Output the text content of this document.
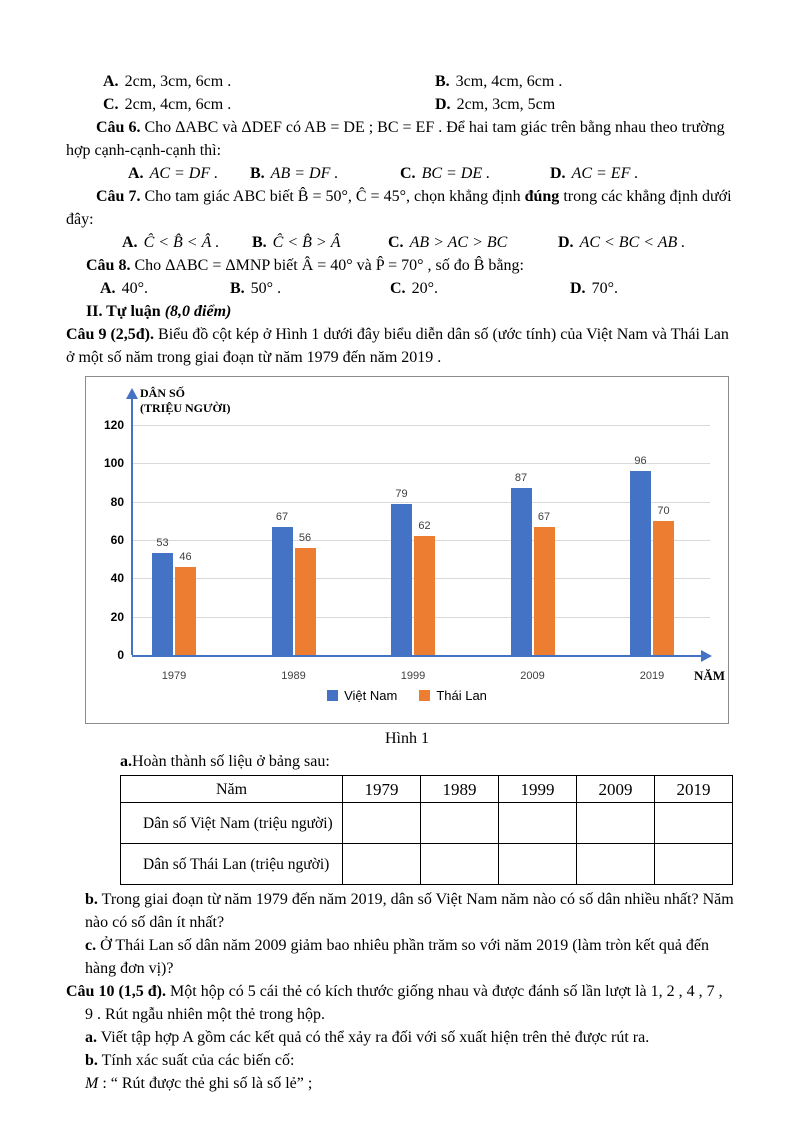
A. 2cm, 3cm, 6cm .	B. 3cm, 4cm, 6cm .
C. 2cm, 4cm, 6cm .	D. 2cm, 3cm, 5cm

Câu 6. Cho ΔABC và ΔDEF có AB = DE ; BC = EF . Để hai tam giác trên bằng nhau theo trường hợp cạnh-cạnh-cạnh thì:

A. AC = DF .	B. AB = DF .	C. BC = DE .	D. AC = EF .

Câu 7. Cho tam giác ABC biết B̂ = 50°, Ĉ = 45°, chọn khẳng định đúng trong các khẳng định dưới đây:

A. Ĉ < B̂ < Â .	B. Ĉ < B̂ > Â	C. AB > AC > BC	D. AC < BC < AB .

Câu 8. Cho ΔABC = ΔMNP biết Â = 40° và P̂ = 70° , số đo B̂ bằng:

A. 40°.	B. 50° .	C. 20°.	D. 70°.

II. Tự luận (8,0 điểm)

Câu 9 (2,5đ). Biểu đồ cột kép ở Hình 1 dưới đây biểu diễn dân số (ước tính) của Việt Nam và Thái Lan ở một số năm trong giai đoạn từ năm 1979 đến năm 2019 .

DÂN SỐ
(TRIỆU NGƯỜI)
NĂM
Việt Nam	Thái Lan
0
20
40
60
80
100
120
53
46
1979
67
56
1989
79
62
1999
87
67
2009
96
70
2019
Hình 1

a.Hoàn thành số liệu ở bảng sau:

Năm	1979	1989	1999	2009	2019
Dân số Việt Nam (triệu người)					
Dân số Thái Lan (triệu người)					

b. Trong giai đoạn từ năm 1979 đến năm 2019, dân số Việt Nam năm nào có số dân nhiều nhất? Năm nào có số dân ít nhất?

c. Ở Thái Lan số dân năm 2009 giảm bao nhiêu phần trăm so với năm 2019 (làm tròn kết quả đến hàng đơn vị)?

Câu 10 (1,5 đ). Một hộp có 5 cái thẻ có kích thước giống nhau và được đánh số lần lượt là 1, 2 , 4 , 7 , 9 . Rút ngẫu nhiên một thẻ trong hộp.

a. Viết tập hợp A gồm các kết quả có thể xảy ra đối với số xuất hiện trên thẻ được rút ra.

b. Tính xác suất của các biến cố:

M : “ Rút được thẻ ghi số là số lẻ” ;
